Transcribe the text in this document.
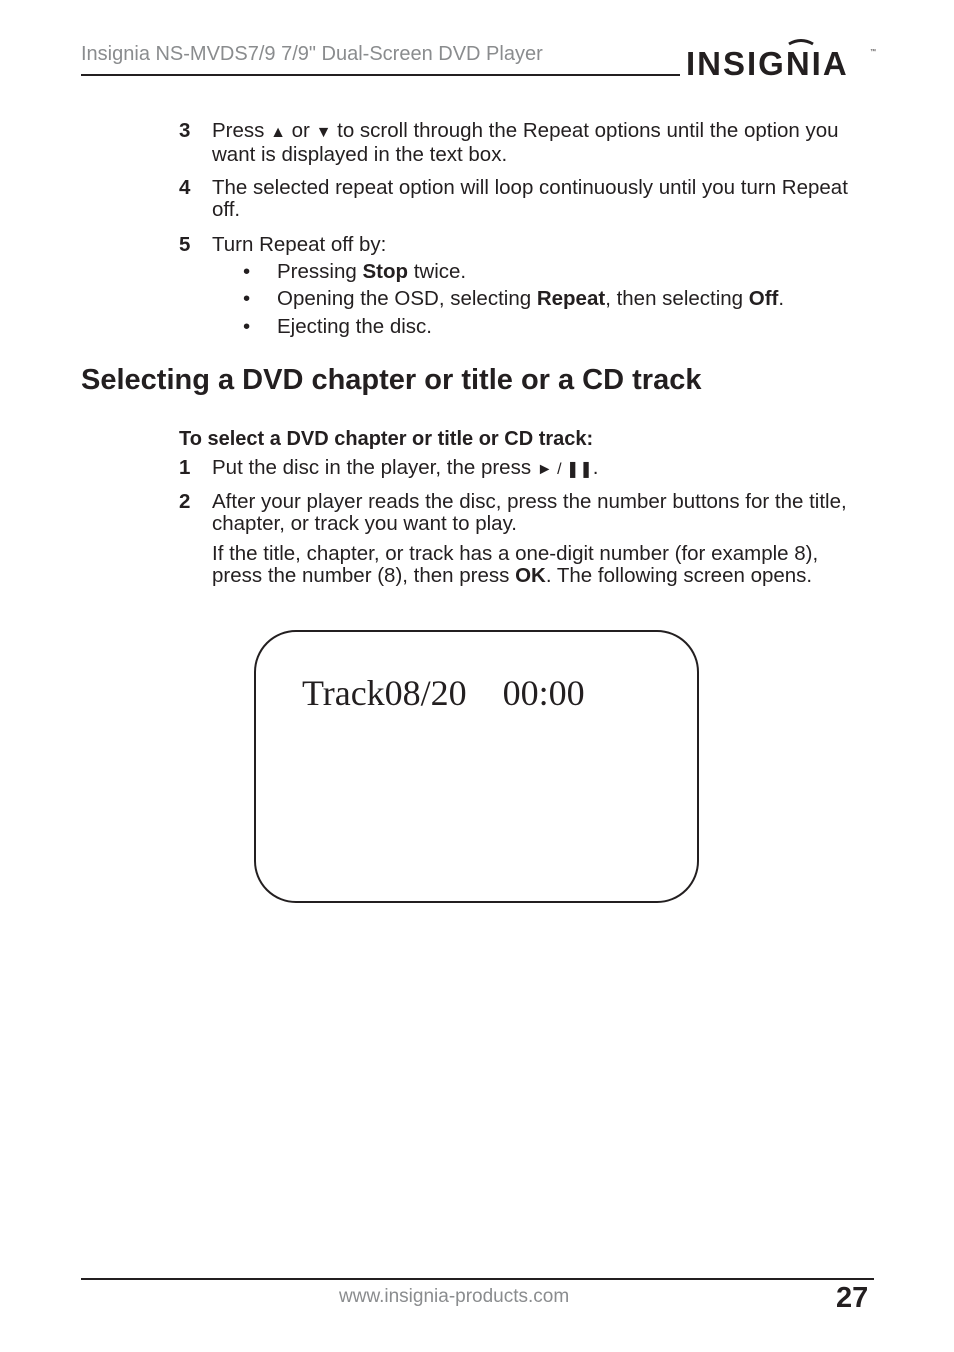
Insignia NS-MVDS7/9 7/9" Dual-Screen DVD Player	INSIGNIA	™
3	Press ▲ or ▼ to scroll through the Repeat options until the option you want is displayed in the text box.
4	The selected repeat option will loop continuously until you turn Repeat off.
5	Turn Repeat off by:
• Pressing Stop twice.
• Opening the OSD, selecting Repeat, then selecting Off.
• Ejecting the disc.
Selecting a DVD chapter or title or a CD track
To select a DVD chapter or title or CD track:
1	Put the disc in the player, the press ► / ❚❚.
2	After your player reads the disc, press the number buttons for the title, chapter, or track you want to play.
If the title, chapter, or track has a one-digit number (for example 8), press the number (8), then press OK. The following screen opens.
Track08/20    00:00
www.insignia-products.com	27
